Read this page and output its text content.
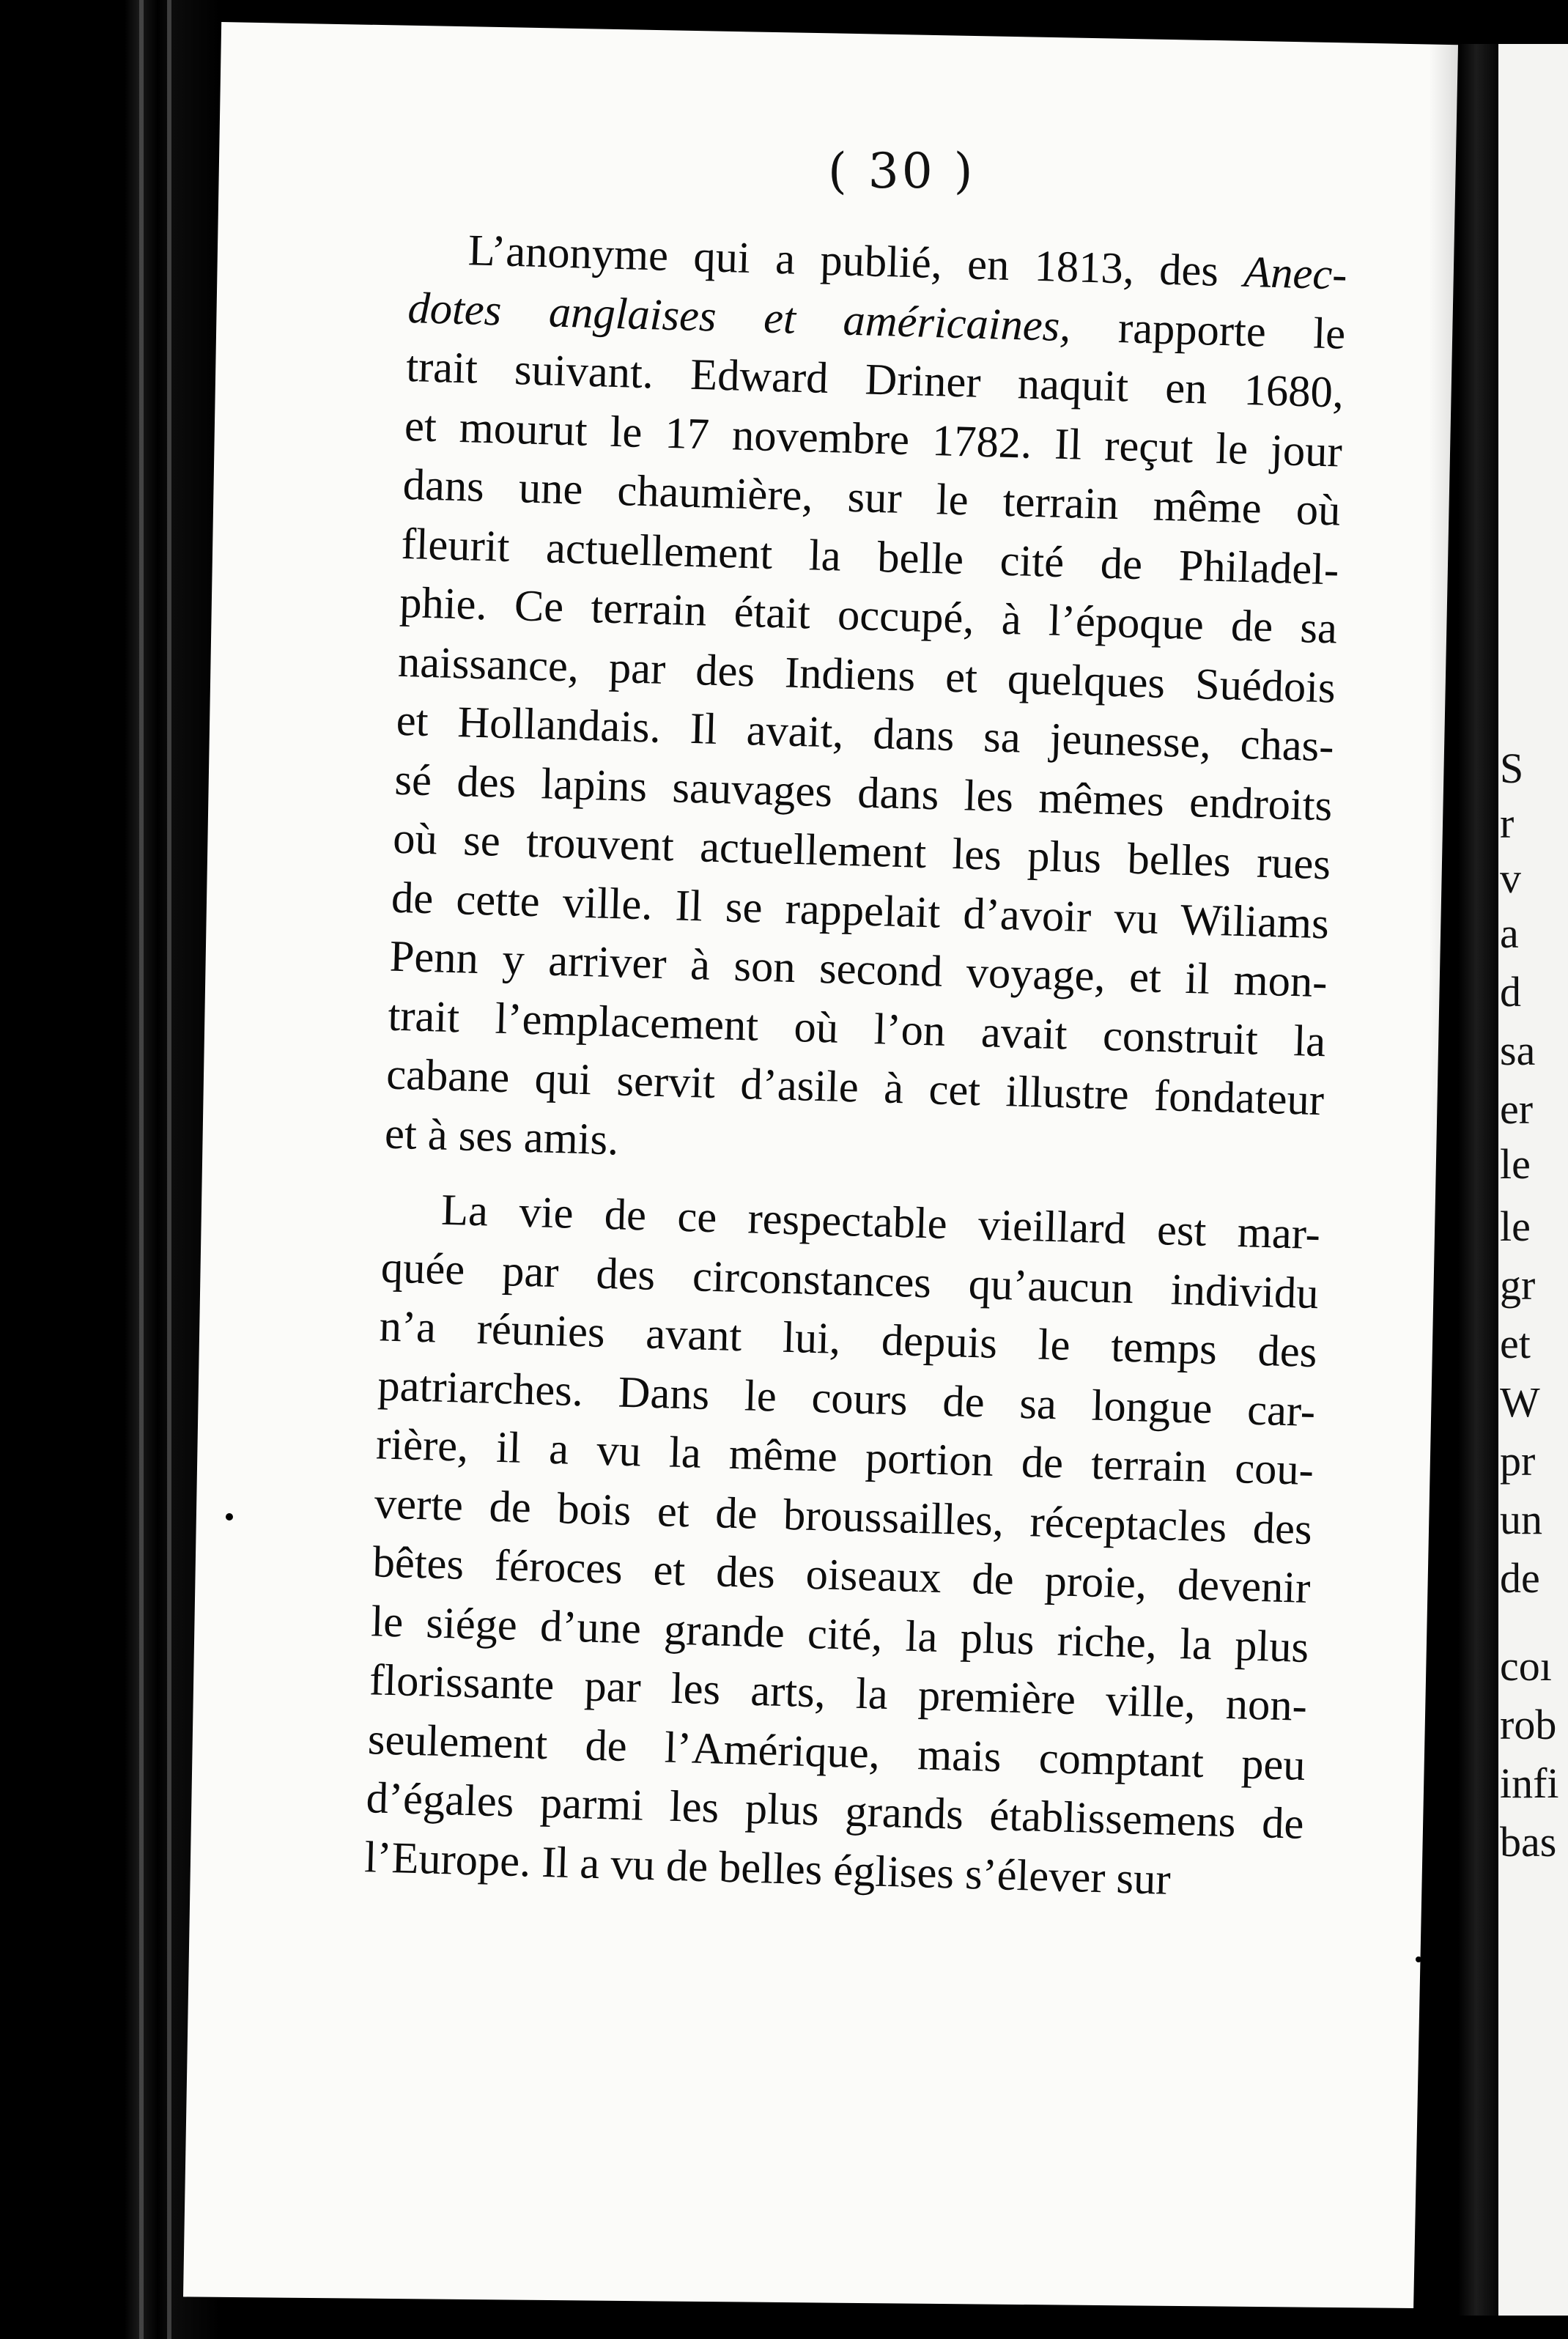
( 30 )

L’anonyme qui a publié, en 1813, des Anec-
dotes anglaises et américaines, rapporte le
trait suivant. Edward Driner naquit en 1680,
et mourut le 17 novembre 1782. Il reçut le jour
dans une chaumière, sur le terrain même où
fleurit actuellement la belle cité de Philadel-
phie. Ce terrain était occupé, à l’époque de sa
naissance, par des Indiens et quelques Suédois
et Hollandais. Il avait, dans sa jeunesse, chas-
sé des lapins sauvages dans les mêmes endroits
où se trouvent actuellement les plus belles rues
de cette ville. Il se rappelait d’avoir vu Wiliams
Penn y arriver à son second voyage, et il mon-
trait l’emplacement où l’on avait construit la
cabane qui servit d’asile à cet illustre fondateur
et à ses amis.

La vie de ce respectable vieillard est mar-
quée par des circonstances qu’aucun individu
n’a réunies avant lui, depuis le temps des
patriarches. Dans le cours de sa longue car-
rière, il a vu la même portion de terrain cou-
verte de bois et de broussailles, réceptacles des
bêtes féroces et des oiseaux de proie, devenir
le siége d’une grande cité, la plus riche, la plus
florissante par les arts, la première ville, non-
seulement de l’Amérique, mais comptant peu
d’égales parmi les plus grands établissemens de
l’Europe. Il a vu de belles églises s’élever sur

S
r
v
a
d
sa
er
le
le
gr
et
W
pr
un
de
coı
rob
infi
bas
